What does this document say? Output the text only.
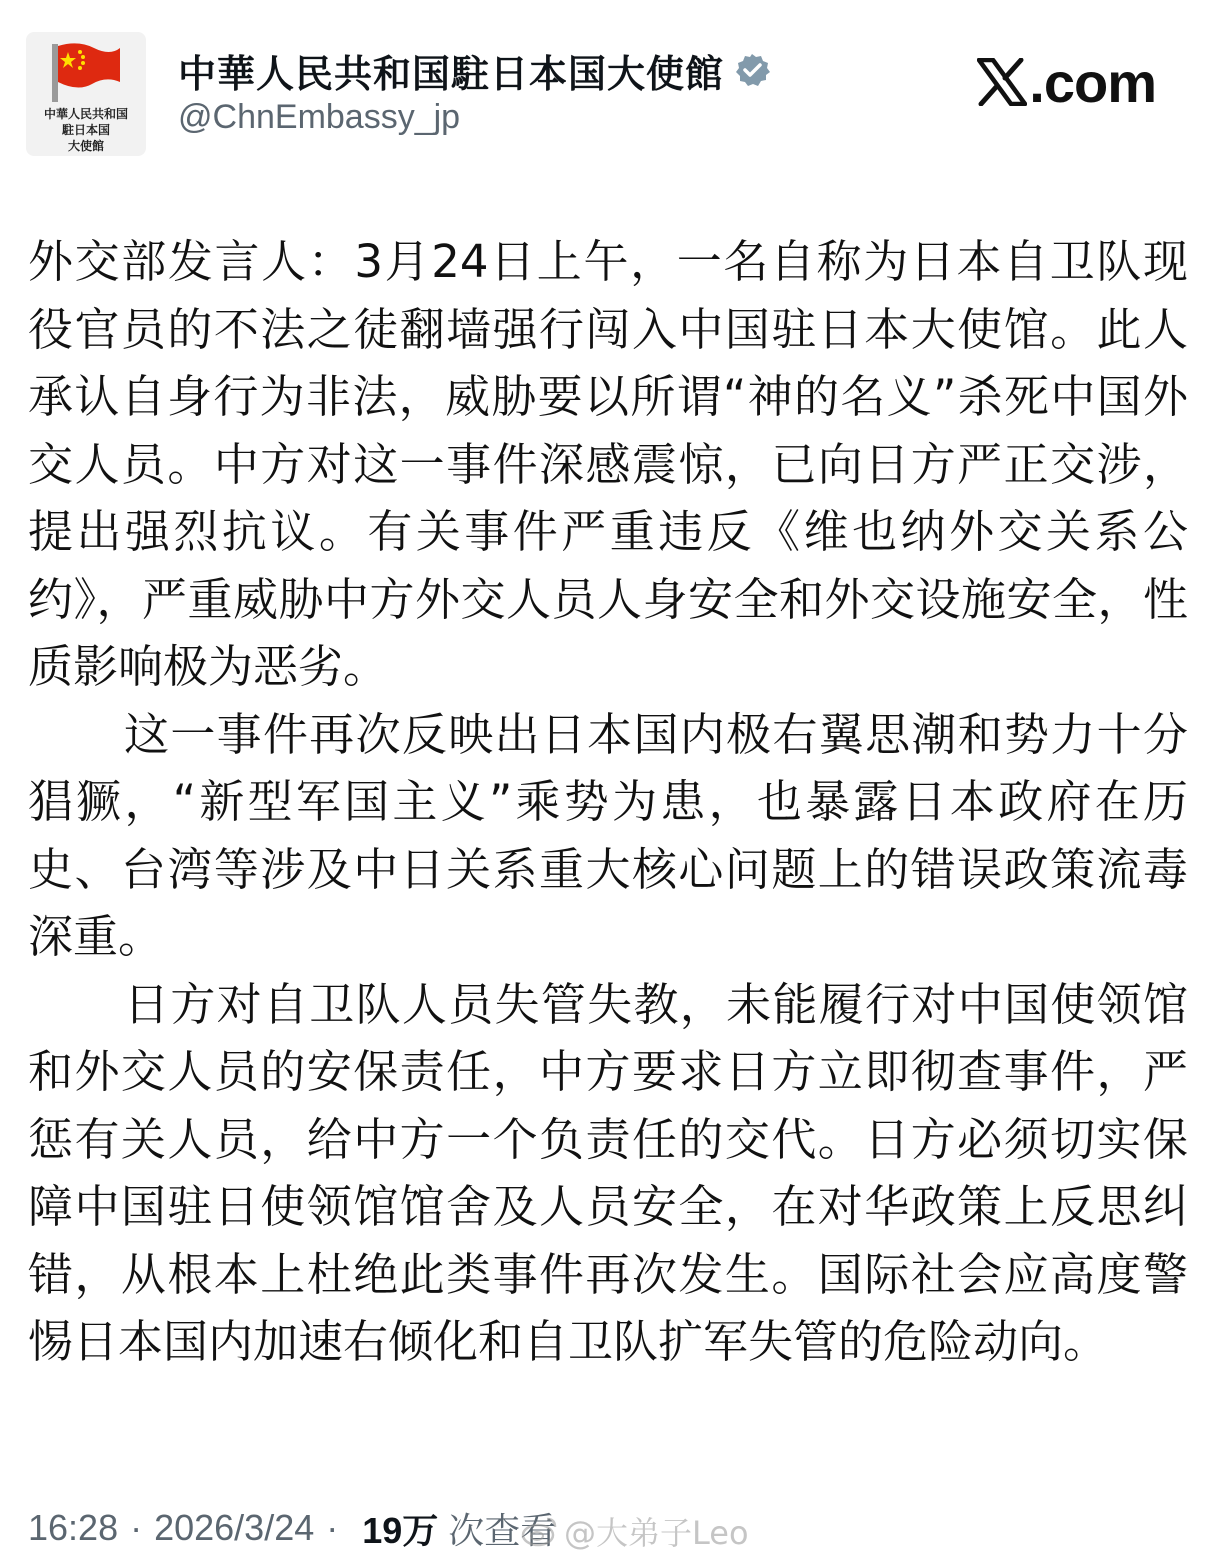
中華人民共和国
駐日本国
大使館
中華人民共和国駐日本国大使館
@ChnEmbassy_jp
.com

外交部发言人：3月24日上午，一名自称为日本自卫队现役官员的不法之徒翻墙强行闯入中国驻日本大使馆。此人承认自身行为非法，威胁要以所谓“神的名义”杀死中国外交人员。中方对这一事件深感震惊，已向日方严正交涉，提出强烈抗议。有关事件严重违反《维也纳外交关系公约》，严重威胁中方外交人员人身安全和外交设施安全，性质影响极为恶劣。

这一事件再次反映出日本国内极右翼思潮和势力十分猖獗，“新型军国主义”乘势为患，也暴露日本政府在历史、台湾等涉及中日关系重大核心问题上的错误政策流毒深重。

日方对自卫队人员失管失教，未能履行对中国使领馆和外交人员的安保责任，中方要求日方立即彻查事件，严惩有关人员，给中方一个负责任的交代。日方必须切实保障中国驻日使领馆馆舍及人员安全，在对华政策上反思纠错，从根本上杜绝此类事件再次发生。国际社会应高度警惕日本国内加速右倾化和自卫队扩军失管的危险动向。

16:28 · 2026/3/24 · 19万 次查看 @大弟子Leo
